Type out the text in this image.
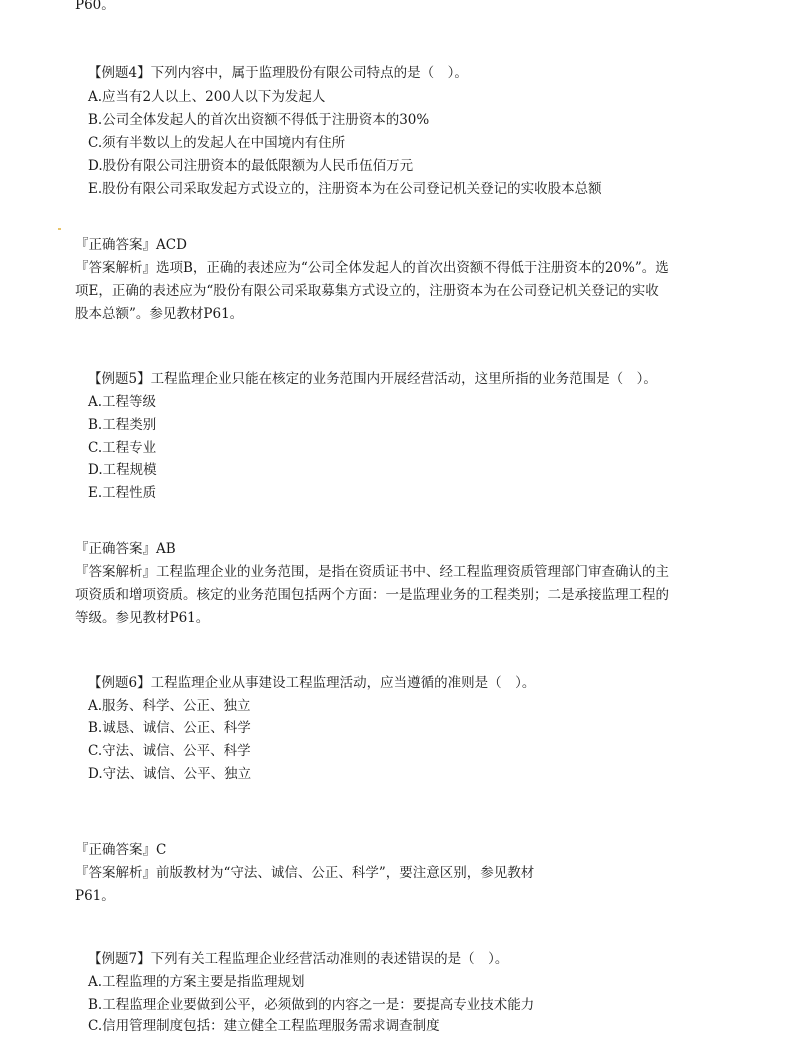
P60。
【例题4】下列内容中，属于监理股份有限公司特点的是（　）。
A.应当有2人以上、200人以下为发起人
B.公司全体发起人的首次出资额不得低于注册资本的30%
C.须有半数以上的发起人在中国境内有住所
D.股份有限公司注册资本的最低限额为人民币伍佰万元
E.股份有限公司采取发起方式设立的，注册资本为在公司登记机关登记的实收股本总额
『正确答案』ACD
『答案解析』选项B，正确的表述应为“公司全体发起人的首次出资额不得低于注册资本的20%”。选
项E，正确的表述应为“股份有限公司采取募集方式设立的，注册资本为在公司登记机关登记的实收
股本总额”。参见教材P61。
【例题5】工程监理企业只能在核定的业务范围内开展经营活动，这里所指的业务范围是（　）。
A.工程等级
B.工程类别
C.工程专业
D.工程规模
E.工程性质
『正确答案』AB
『答案解析』工程监理企业的业务范围，是指在资质证书中、经工程监理资质管理部门审查确认的主
项资质和增项资质。核定的业务范围包括两个方面：一是监理业务的工程类别；二是承接监理工程的
等级。参见教材P61。
【例题6】工程监理企业从事建设工程监理活动，应当遵循的准则是（　）。
A.服务、科学、公正、独立
B.诚恳、诚信、公正、科学
C.守法、诚信、公平、科学
D.守法、诚信、公平、独立
『正确答案』C
『答案解析』前版教材为“守法、诚信、公正、科学”，要注意区别，参见教材
P61。
【例题7】下列有关工程监理企业经营活动准则的表述错误的是（　）。
A.工程监理的方案主要是指监理规划
B.工程监理企业要做到公平，必须做到的内容之一是：要提高专业技术能力
C.信用管理制度包括：建立健全工程监理服务需求调查制度
